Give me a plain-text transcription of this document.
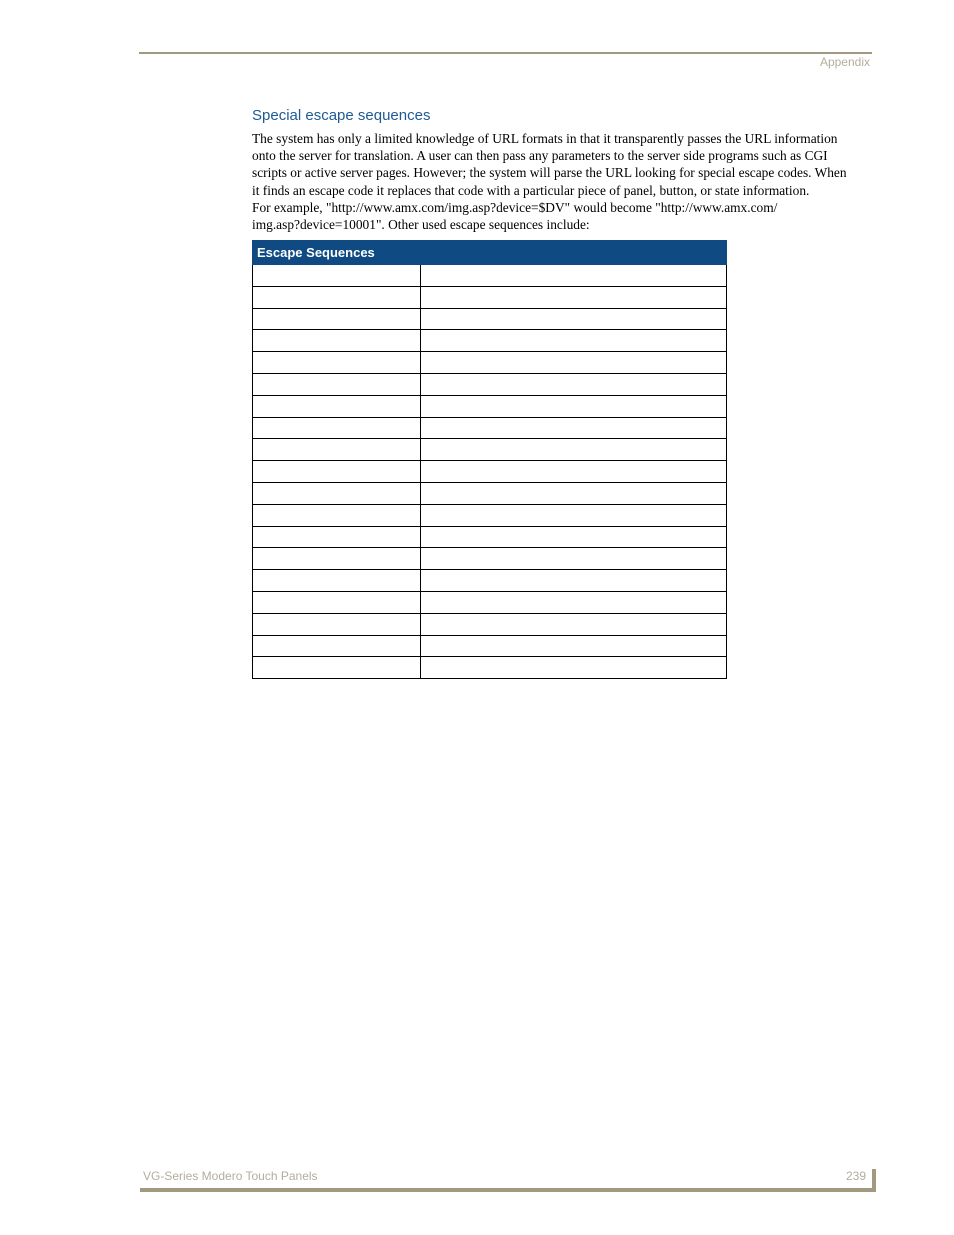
Appendix
Special escape sequences

The system has only a limited knowledge of URL formats in that it transparently passes the URL information
onto the server for translation. A user can then pass any parameters to the server side programs such as CGI
scripts or active server pages. However; the system will parse the URL looking for special escape codes. When
it finds an escape code it replaces that code with a particular piece of panel, button, or state information.
For example, "http://www.amx.com/img.asp?device=$DV" would become "http://www.amx.com/
img.asp?device=10001". Other used escape sequences include:

Escape Sequences	

VG-Series Modero Touch Panels	239
